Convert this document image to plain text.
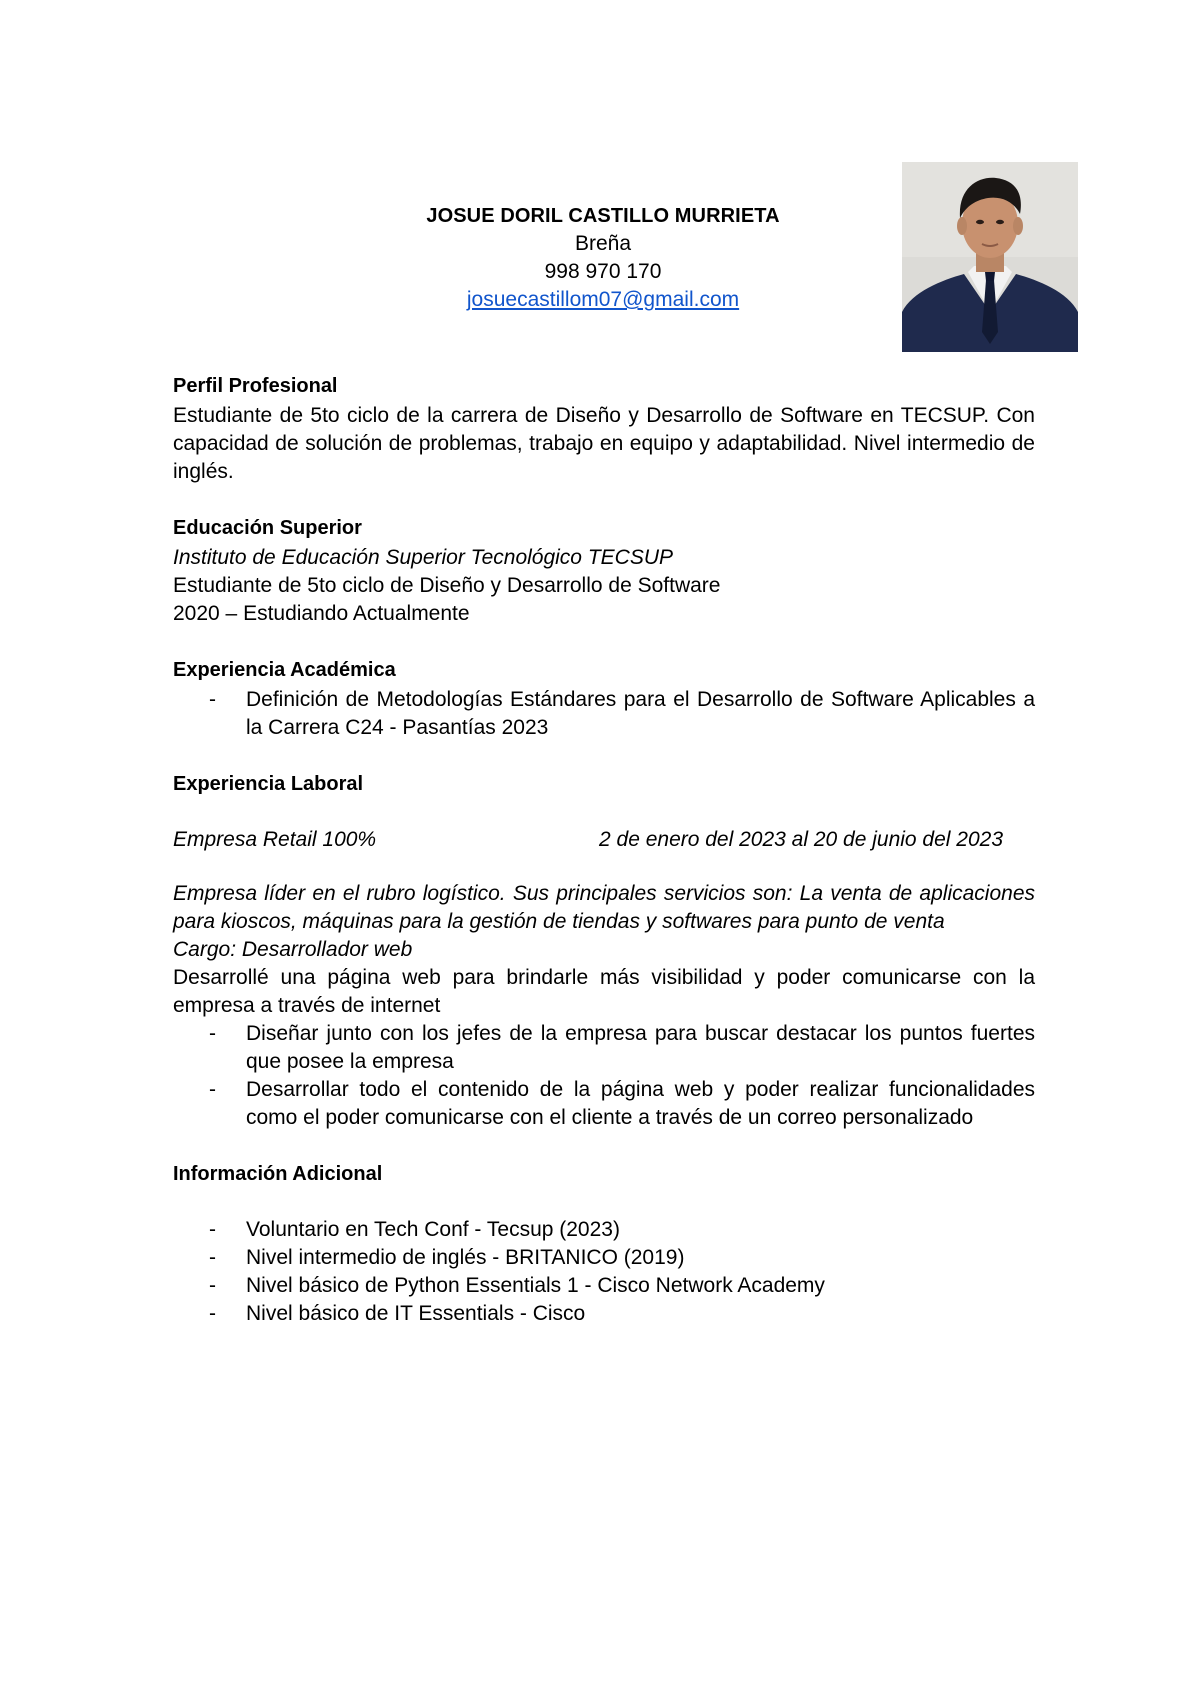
JOSUE DORIL CASTILLO MURRIETA
Breña
998 970 170
josuecastillom07@gmail.com
Perfil Profesional
Estudiante de 5to ciclo de la carrera de Diseño y Desarrollo de Software en TECSUP. Con capacidad de solución de problemas, trabajo en equipo y adaptabilidad. Nivel intermedio de inglés.
Educación Superior
Instituto de Educación Superior Tecnológico TECSUP
Estudiante de 5to ciclo de Diseño y Desarrollo de Software
2020 – Estudiando Actualmente
Experiencia Académica
- Definición de Metodologías Estándares para el Desarrollo de Software Aplicables a la Carrera C24 - Pasantías 2023
Experiencia Laboral
Empresa Retail 100%	2 de enero del 2023 al 20 de junio del 2023
Empresa líder en el rubro logístico. Sus principales servicios son: La venta de aplicaciones para kioscos, máquinas para la gestión de tiendas y softwares para punto de venta
Cargo: Desarrollador web
Desarrollé una página web para brindarle más visibilidad y poder comunicarse con la empresa a través de internet
- Diseñar junto con los jefes de la empresa para buscar destacar los puntos fuertes que posee la empresa
- Desarrollar todo el contenido de la página web y poder realizar funcionalidades como el poder comunicarse con el cliente a través de un correo personalizado
Información Adicional
- Voluntario en Tech Conf - Tecsup (2023)
- Nivel intermedio de inglés - BRITANICO (2019)
- Nivel básico de Python Essentials 1 - Cisco Network Academy
- Nivel básico de IT Essentials - Cisco
